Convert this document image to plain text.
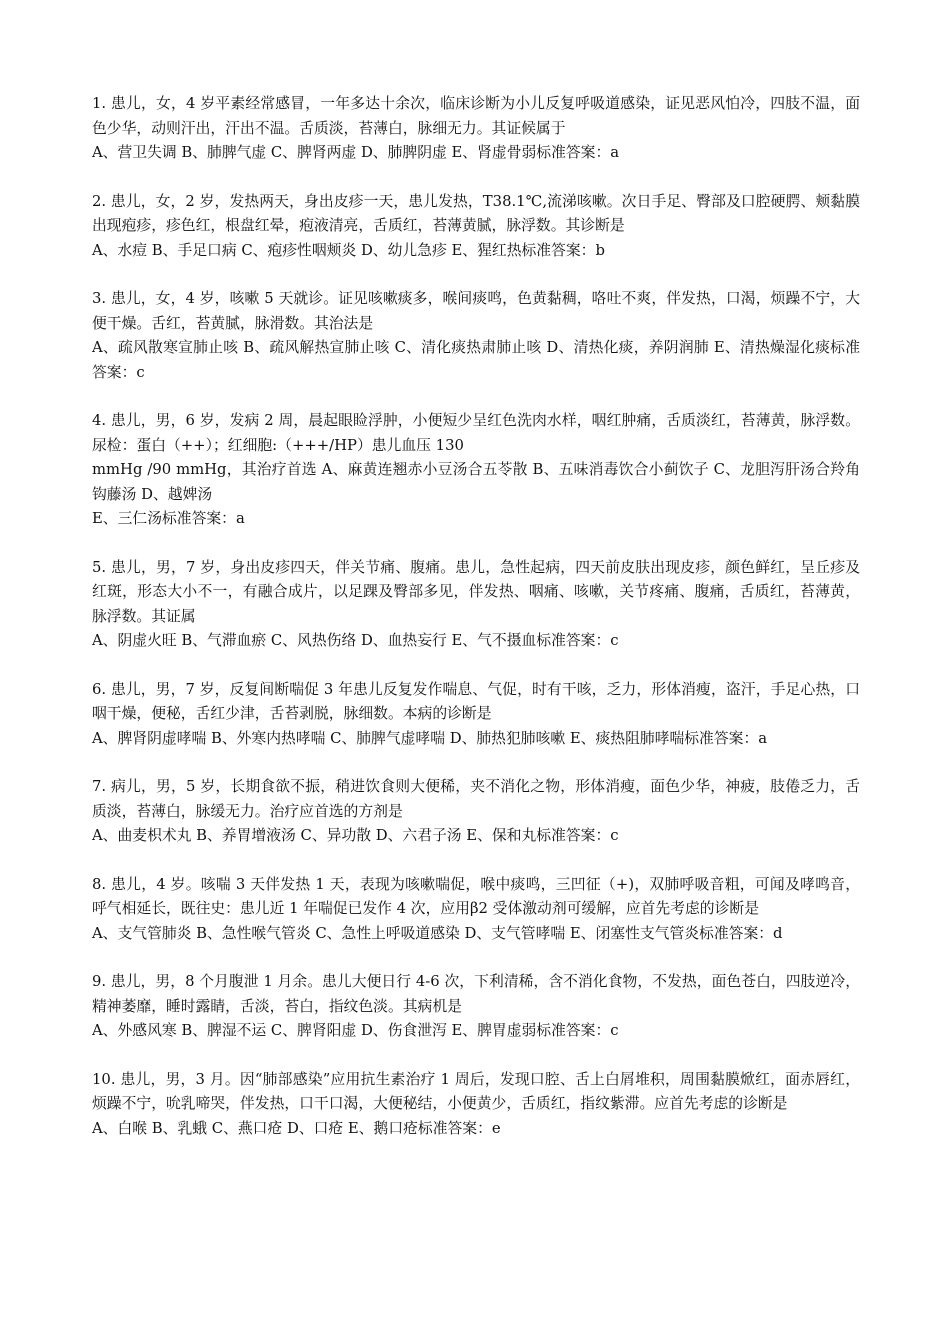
1. 患儿，女，4 岁平素经常感冒，一年多达十余次，临床诊断为小儿反复呼吸道感染，证见恶风怕冷，四肢不温，面色少华，动则汗出，汗出不温。舌质淡，苔薄白，脉细无力。其证候属于

A、营卫失调 B、肺脾气虚 C、脾肾两虚 D、肺脾阴虚 E、肾虚骨弱标准答案：a

2. 患儿，女，2 岁，发热两天，身出皮疹一天，患儿发热，T38.1℃,流涕咳嗽。次日手足、臀部及口腔硬腭、颊黏膜出现疱疹，疹色红，根盘红晕，疱液清亮，舌质红，苔薄黄腻，脉浮数。其诊断是

A、水痘 B、手足口病 C、疱疹性咽颊炎 D、幼儿急疹 E、猩红热标准答案：b

3. 患儿，女，4 岁，咳嗽 5 天就诊。证见咳嗽痰多，喉间痰鸣，色黄黏稠，咯吐不爽，伴发热，口渴，烦躁不宁，大便干燥。舌红，苔黄腻，脉滑数。其治法是

A、疏风散寒宣肺止咳 B、疏风解热宣肺止咳 C、清化痰热肃肺止咳 D、清热化痰，养阴润肺 E、清热燥湿化痰标准答案：c

4. 患儿，男，6 岁，发病 2 周，晨起眼睑浮肿，小便短少呈红色洗肉水样，咽红肿痛，舌质淡红，苔薄黄，脉浮数。尿检：蛋白（++）；红细胞:（+++/HP）患儿血压 130

mmHg /90 mmHg，其治疗首选 A、麻黄连翘赤小豆汤合五苓散 B、五味消毒饮合小蓟饮子 C、龙胆泻肝汤合羚角钩藤汤 D、越婢汤

E、三仁汤标准答案：a

5. 患儿，男，7 岁，身出皮疹四天，伴关节痛、腹痛。患儿，急性起病，四天前皮肤出现皮疹，颜色鲜红，呈丘疹及红斑，形态大小不一，有融合成片，以足踝及臀部多见，伴发热、咽痛、咳嗽，关节疼痛、腹痛，舌质红，苔薄黄，脉浮数。其证属

A、阴虚火旺 B、气滞血瘀 C、风热伤络 D、血热妄行 E、气不摄血标准答案：c

6. 患儿，男，7 岁，反复间断喘促 3 年患儿反复发作喘息、气促，时有干咳，乏力，形体消瘦，盗汗，手足心热，口咽干燥，便秘，舌红少津，舌苔剥脱，脉细数。本病的诊断是

A、脾肾阴虚哮喘 B、外寒内热哮喘 C、肺脾气虚哮喘 D、肺热犯肺咳嗽 E、痰热阻肺哮喘标准答案：a

7. 病儿，男，5 岁，长期食欲不振，稍进饮食则大便稀，夹不消化之物，形体消瘦，面色少华，神疲，肢倦乏力，舌质淡，苔薄白，脉缓无力。治疗应首选的方剂是

A、曲麦枳术丸 B、养胃增液汤 C、异功散 D、六君子汤 E、保和丸标准答案：c

8. 患儿，4 岁。咳喘 3 天伴发热 1 天，表现为咳嗽喘促，喉中痰鸣，三凹征（+)，双肺呼吸音粗，可闻及哮鸣音，呼气相延长，既往史：患儿近 1 年喘促已发作 4 次，应用β2 受体激动剂可缓解，应首先考虑的诊断是

A、支气管肺炎 B、急性喉气管炎 C、急性上呼吸道感染 D、支气管哮喘 E、闭塞性支气管炎标准答案：d

9. 患儿，男，8 个月腹泄 1 月余。患儿大便日行 4-6 次，下利清稀，含不消化食物，不发热，面色苍白，四肢逆冷，精神萎靡，睡时露睛，舌淡，苔白，指纹色淡。其病机是

A、外感风寒 B、脾湿不运 C、脾肾阳虚 D、伤食泄泻 E、脾胃虚弱标准答案：c

10. 患儿，男，3 月。因“肺部感染”应用抗生素治疗 1 周后，发现口腔、舌上白屑堆积，周围黏膜焮红，面赤唇红，烦躁不宁，吮乳啼哭，伴发热，口干口渴，大便秘结，小便黄少，舌质红，指纹紫滞。应首先考虑的诊断是

A、白喉 B、乳蛾 C、燕口疮 D、口疮 E、鹅口疮标准答案：e
